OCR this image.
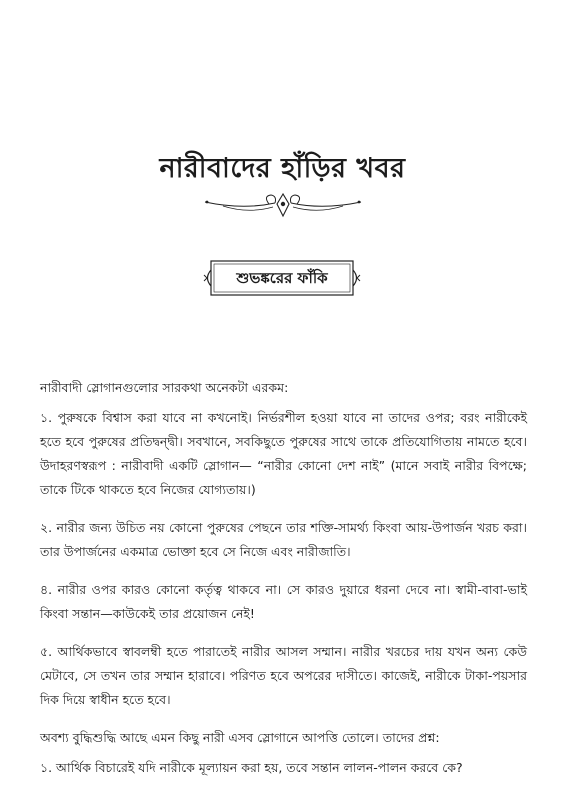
নারীবাদের হাঁড়ির খবর
শুভঙ্করের ফাঁকি

নারীবাদী স্লোগানগুলোর সারকথা অনেকটা এরকম:

১. পুরুষকে বিশ্বাস করা যাবে না কখনোই। নির্ভরশীল হওয়া যাবে না তাদের ওপর; বরং নারীকেই হতে হবে পুরুষের প্রতিদ্বন্দ্বী। সবখানে, সবকিছুতে পুরুষের সাথে তাকে প্রতিযোগিতায় নামতে হবে। উদাহরণস্বরূপ : নারীবাদী একটি স্লোগান— “নারীর কোনো দেশ নাই” (মানে সবাই নারীর বিপক্ষে; তাকে টিকে থাকতে হবে নিজের যোগ্যতায়।)

২. নারীর জন্য উচিত নয় কোনো পুরুষের পেছনে তার শক্তি-সামর্থ্য কিংবা আয়-উপার্জন খরচ করা। তার উপার্জনের একমাত্র ভোক্তা হবে সে নিজে এবং নারীজাতি।

৪. নারীর ওপর কারও কোনো কর্তৃত্ব থাকবে না। সে কারও দুয়ারে ধরনা দেবে না। স্বামী-বাবা-ভাই কিংবা সন্তান—কাউকেই তার প্রয়োজন নেই!

৫. আর্থিকভাবে স্বাবলম্বী হতে পারাতেই নারীর আসল সম্মান। নারীর খরচের দায় যখন অন্য কেউ মেটাবে, সে তখন তার সম্মান হারাবে। পরিণত হবে অপরের দাসীতে। কাজেই, নারীকে টাকা-পয়সার দিক দিয়ে স্বাধীন হতে হবে।

অবশ্য বুদ্ধিশুদ্ধি আছে এমন কিছু নারী এসব স্লোগানে আপত্তি তোলে। তাদের প্রশ্ন:

১. আর্থিক বিচারেই যদি নারীকে মূল্যায়ন করা হয়, তবে সন্তান লালন-পালন করবে কে?
